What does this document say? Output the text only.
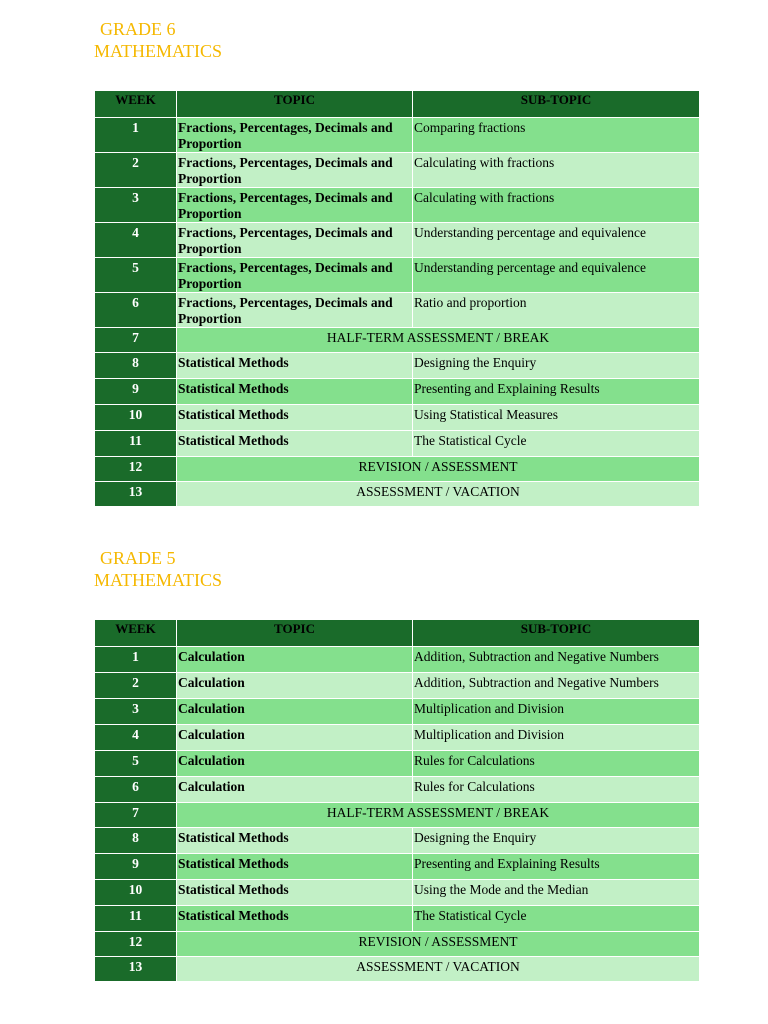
GRADE 6
MATHEMATICS
WEEK	TOPIC	SUB-TOPIC
1	Fractions, Percentages, Decimals and Proportion	Comparing fractions
2	Fractions, Percentages, Decimals and Proportion	Calculating with fractions
3	Fractions, Percentages, Decimals and Proportion	Calculating with fractions
4	Fractions, Percentages, Decimals and Proportion	Understanding percentage and equivalence
5	Fractions, Percentages, Decimals and Proportion	Understanding percentage and equivalence
6	Fractions, Percentages, Decimals and Proportion	Ratio and proportion
7	HALF-TERM ASSESSMENT / BREAK	
8	Statistical Methods	Designing the Enquiry
9	Statistical Methods	Presenting and Explaining Results
10	Statistical Methods	Using Statistical Measures
11	Statistical Methods	The Statistical Cycle
12	REVISION / ASSESSMENT	
13	ASSESSMENT / VACATION	
GRADE 5
MATHEMATICS
WEEK	TOPIC	SUB-TOPIC
1	Calculation	Addition, Subtraction and Negative Numbers
2	Calculation	Addition, Subtraction and Negative Numbers
3	Calculation	Multiplication and Division
4	Calculation	Multiplication and Division
5	Calculation	Rules for Calculations
6	Calculation	Rules for Calculations
7	HALF-TERM ASSESSMENT / BREAK	
8	Statistical Methods	Designing the Enquiry
9	Statistical Methods	Presenting and Explaining Results
10	Statistical Methods	Using the Mode and the Median
11	Statistical Methods	The Statistical Cycle
12	REVISION / ASSESSMENT	
13	ASSESSMENT / VACATION	
